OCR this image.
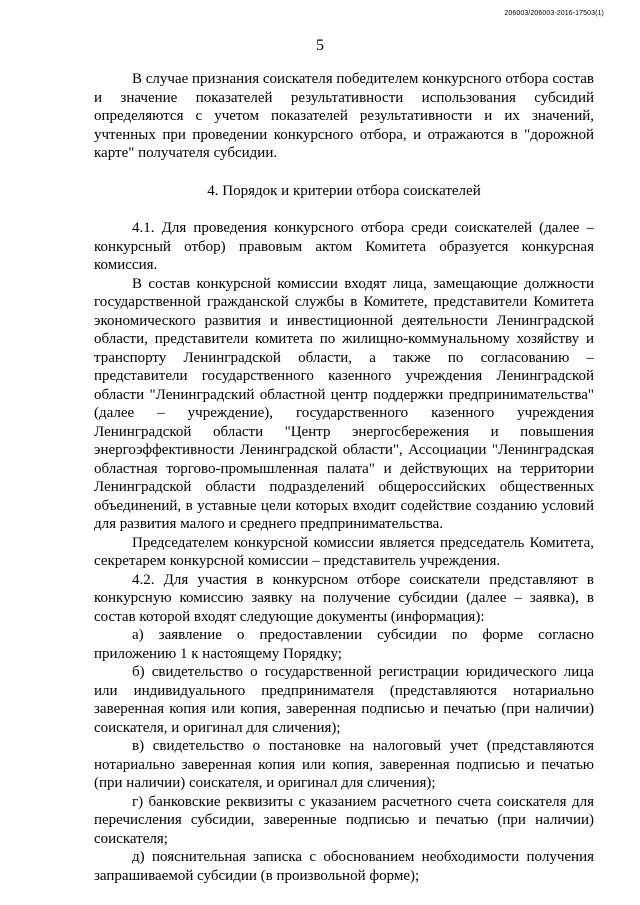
206003/206003-2016-17503(1)
5

В случае признания соискателя победителем конкурсного отбора состав и значение показателей результативности использования субсидий определяются с учетом показателей результативности и их значений, учтенных при проведении конкурсного отбора, и отражаются в "дорожной карте" получателя субсидии.

4. Порядок и критерии отбора соискателей

4.1. Для проведения конкурсного отбора среди соискателей (далее – конкурсный отбор) правовым актом Комитета образуется конкурсная комиссия.

В состав конкурсной комиссии входят лица, замещающие должности государственной гражданской службы в Комитете, представители Комитета экономического развития и инвестиционной деятельности Ленинградской области, представители комитета по жилищно-коммунальному хозяйству и транспорту Ленинградской области, а также по согласованию – представители государственного казенного учреждения Ленинградской области "Ленинградский областной центр поддержки предпринимательства" (далее – учреждение), государственного казенного учреждения Ленинградской области "Центр энергосбережения и повышения энергоэффективности Ленинградской области", Ассоциации "Ленинградская областная торгово-промышленная палата" и действующих на территории Ленинградской области подразделений общероссийских общественных объединений, в уставные цели которых входит содействие созданию условий для развития малого и среднего предпринимательства.

Председателем конкурсной комиссии является председатель Комитета, секретарем конкурсной комиссии – представитель учреждения.

4.2. Для участия в конкурсном отборе соискатели представляют в конкурсную комиссию заявку на получение субсидии (далее – заявка), в состав которой входят следующие документы (информация):

а) заявление о предоставлении субсидии по форме согласно приложению 1 к настоящему Порядку;

б) свидетельство о государственной регистрации юридического лица или индивидуального предпринимателя (представляются нотариально заверенная копия или копия, заверенная подписью и печатью (при наличии) соискателя, и оригинал для сличения);

в) свидетельство о постановке на налоговый учет (представляются нотариально заверенная копия или копия, заверенная подписью и печатью (при наличии) соискателя, и оригинал для сличения);

г) банковские реквизиты с указанием расчетного счета соискателя для перечисления субсидии, заверенные подписью и печатью (при наличии) соискателя;

д) пояснительная записка с обоснованием необходимости получения запрашиваемой субсидии (в произвольной форме);
